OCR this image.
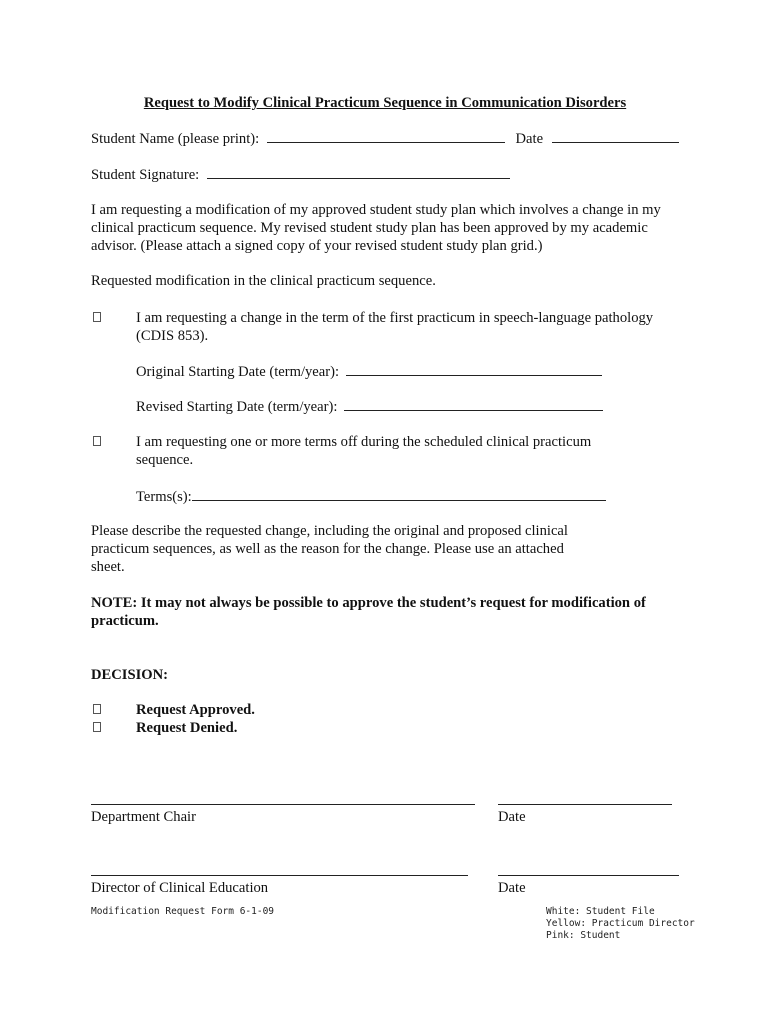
Request to Modify Clinical Practicum Sequence in Communication Disorders
Student Name (please print):	Date
Student Signature:
I am requesting a modification of my approved student study plan which involves a change in my clinical practicum sequence. My revised student study plan has been approved by my academic advisor. (Please attach a signed copy of your revised student study plan grid.)
Requested modification in the clinical practicum sequence.
I am requesting a change in the term of the first practicum in speech-language pathology (CDIS 853).
Original Starting Date (term/year):
Revised Starting Date (term/year):
I am requesting one or more terms off during the scheduled clinical practicum sequence.
Terms(s):
Please describe the requested change, including the original and proposed clinical practicum sequences, as well as the reason for the change. Please use an attached sheet.
NOTE: It may not always be possible to approve the student’s request for modification of practicum.
DECISION:
Request Approved.
Request Denied.
Department Chair	Date
Director of Clinical Education	Date
Modification Request Form 6-1-09	White: Student File
Yellow: Practicum Director
Pink: Student
